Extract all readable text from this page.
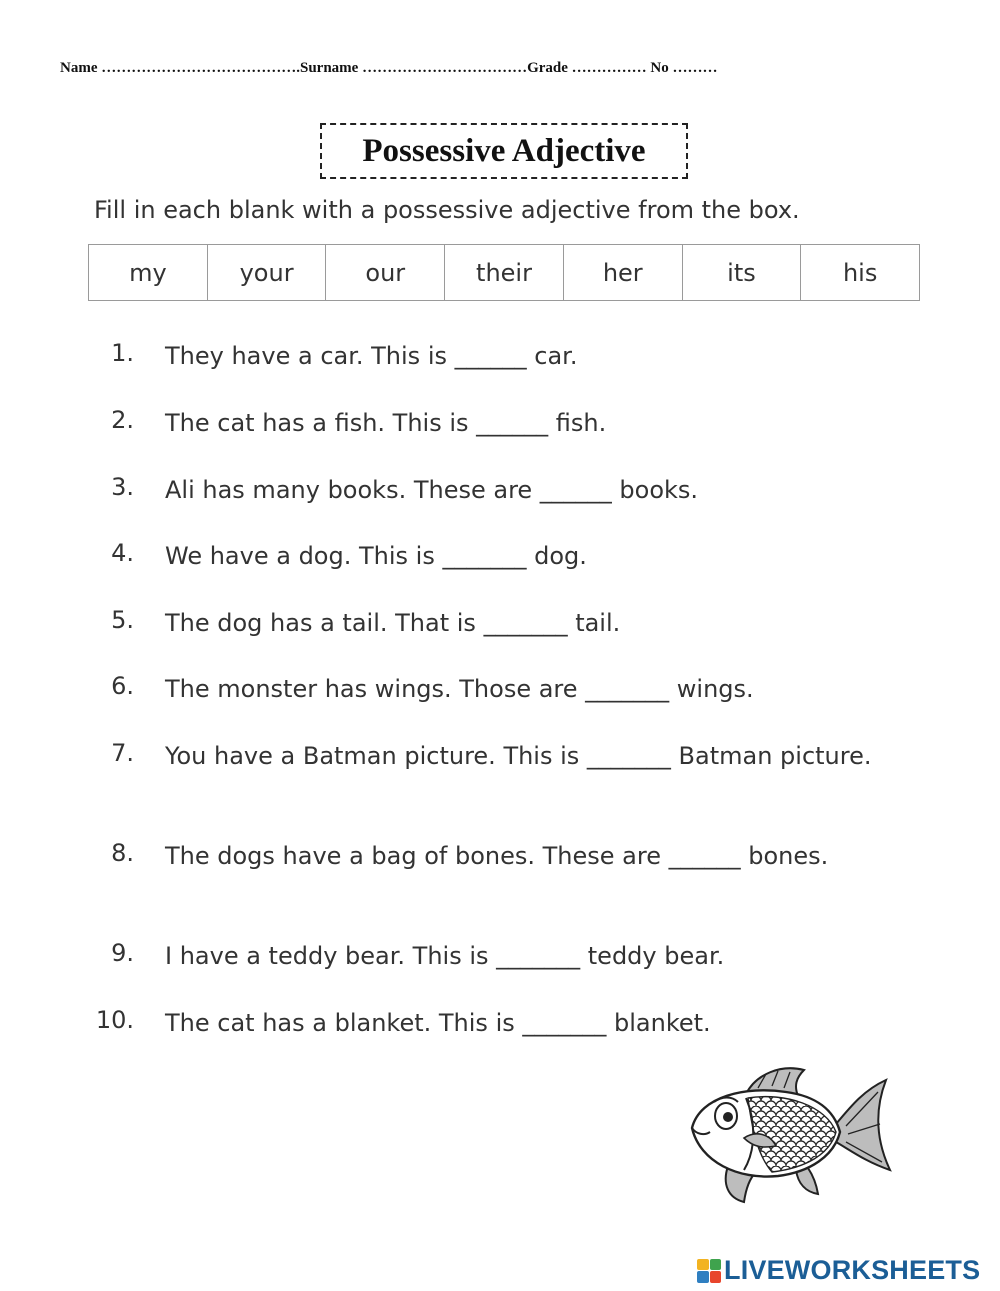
Name ………………………………….Surname ……………………………Grade …………… No ………
Possessive Adjective
Fill in each blank with a possessive adjective from the box.
my	your	our	their	her	its	his
1. They have a car. This is ______ car.
2. The cat has a fish. This is ______ fish.
3. Ali has many books. These are ______ books.
4. We have a dog. This is _______ dog.
5. The dog has a tail. That is _______ tail.
6. The monster has wings. Those are _______ wings.
7. You have a Batman picture. This is _______ Batman picture.
8. The dogs have a bag of bones. These are ______ bones.
9. I have a teddy bear. This is _______ teddy bear.
10. The cat has a blanket. This is _______ blanket.
LIVEWORKSHEETS
